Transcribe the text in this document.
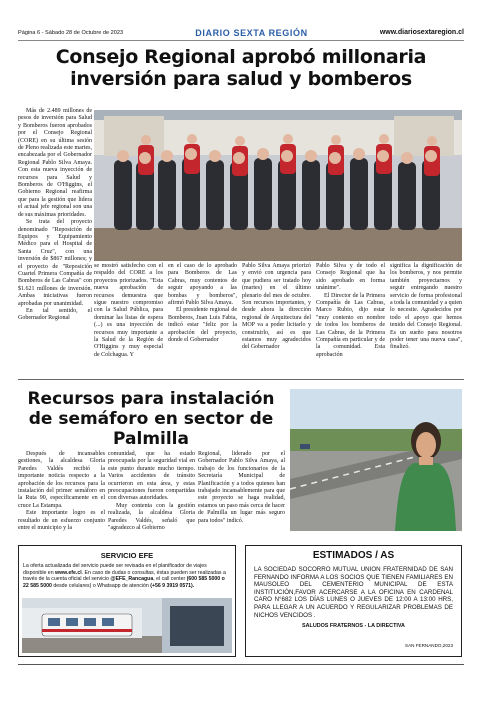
Página 6 - Sábado 28 de Octubre de 2023	DIARIO SEXTA REGIÓN	www.diariosextaregion.cl
Consejo Regional aprobó millonaria inversión para salud y bomberos

Más de 2.489 millones de pesos de inversión para Salud y Bomberos fueron aprobados por el Consejo Regional (CORE) en su última sesión de Pleno realizada este martes, encabezada por el Gobernador Regional Pablo Silva Amaya. Con esta nueva inyección de recursos para Salud y Bomberos de O'Higgins, el Gobierno Regional reafirma que para la gestión que lidera el actual jefe regional son una de sus máximas prioridades.

Se trata del proyecto denominado "Reposición de Equipos y Equipamiento Médico para el Hospital de Santa Cruz", con una inversión de $867 millones; y el proyecto de "Reposición Cuartel Primera Compañía de Bomberos de Las Cabras" con $1.621 millones de inversión. Ambas iniciativas fueron aprobadas por unanimidad.

En tal sentido, el Gobernador Regional

se mostró satisfecho con el respaldo del CORE a los proyectos priorizados. "Esta nueva aprobación de recursos demuestra que sigue nuestro compromiso con la Salud Pública, para dominar las listas de espera (...) es una inyección de recursos muy importante a la Salud de la Región de O'Higgins y muy especial de Colchagua. Y

en el caso de lo aprobado para Bomberos de Las Cabras, muy contentos de seguir apoyando a las bombas y bomberos", afirmó Pablo Silva Amaya.

El presidente regional de Bomberos, Juan Luis Fabia, indicó estar "feliz por la aprobación del proyecto, donde el Gobernador

Pablo Silva Amaya priorizó y envió con urgencia para que pudiera ser tratado hoy (martes) en el último plenario del mes de octubre. Son recursos importantes, y desde ahora la dirección regional de Arquitectura del MOP va a poder licitarlo y construirlo, así es que estamos muy agradecidos del Gobernador

Pablo Silva y de todo el Consejo Regional que ha sido aprobado en forma unánime".

El Director de la Primera Compañía de Las Cabras, Marco Rubio, dijo estar "muy contento en nombre de todos los bomberos de Las Cabras, de la Primera Compañía en particular y de la comunidad. Esta aprobación

significa la dignificación de los bomberos, y nos permite también proyectarnos y seguir entregando nuestro servicio de forma profesional a toda la comunidad y a quien lo necesite. Agradecidos por todo el apoyo que hemos tenido del Consejo Regional. Es un sueño para nosotros poder tener una nueva casa", finalizó.

Recursos para instalación de semáforo en sector de Palmilla

Después de incansables gestiones, la alcaldesa Gloria Paredes Valdés recibió la importante noticia respecto a la aprobación de los recursos para la instalación del primer semáforo en la Ruta 90, específicamente en el cruce La Estampa.

Este importante logro es el resultado de un esfuerzo conjunto entre el municipio y la

comunidad, que ha estado preocupada por la seguridad vial en este punto durante mucho tiempo. Varios accidentes de tránsito ocurrieron en esta área, y estas preocupaciones fueron compartidas con diversas autoridades.

Muy contenta con la gestión realizada, la alcaldesa Gloria Paredes Valdés, señaló que "agradezco al Gobierno

Regional, liderado por el Gobernador Pablo Silva Amaya, al trabajo de los funcionarios de la Secretaría Municipal de Planificación y a todos quienes han trabajado incansablemente para que este proyecto se haga realidad, estamos un paso más cerca de hacer de Palmilla un lugar más seguro para todos" indicó.

SERVICIO EFE
La oferta actualizada del servicio puede ser revisada en el planificador de viajes disponible en www.efe.cl. En caso de dudas o consultas, éstas pueden ser realizadas a través de la cuenta oficial del servicio @EFE_Rancagua, el call center (600 585 5000 o 22 585 5000 desde celulares) o Whatsapp de atención (+56 9 3919 0571).
ESTIMADOS / AS
LA SOCIEDAD SOCORRO MUTUAL UNION FRATERNIDAD DE SAN FERNANDO INFORMA A LOS SOCIOS QUE TIENEN FAMILIARES EN MAUSOLEO DEL CEMENTERIO MUNICIPAL DE ESTA INSTITUCIÓN,FAVOR ACERCARSE A LA OFICINA EN CARDENAL CARO N°682 LOS DÍAS LUNES O JUEVES DE 12:00 A 13:00 HRS, PARA LLEGAR A UN ACUERDO Y REGULARIZAR PROBLEMAS DE NICHOS VENCIDOS .
SALUDOS FRATERNOS - LA DIRECTIVA
SAN FERNANDO,2023
